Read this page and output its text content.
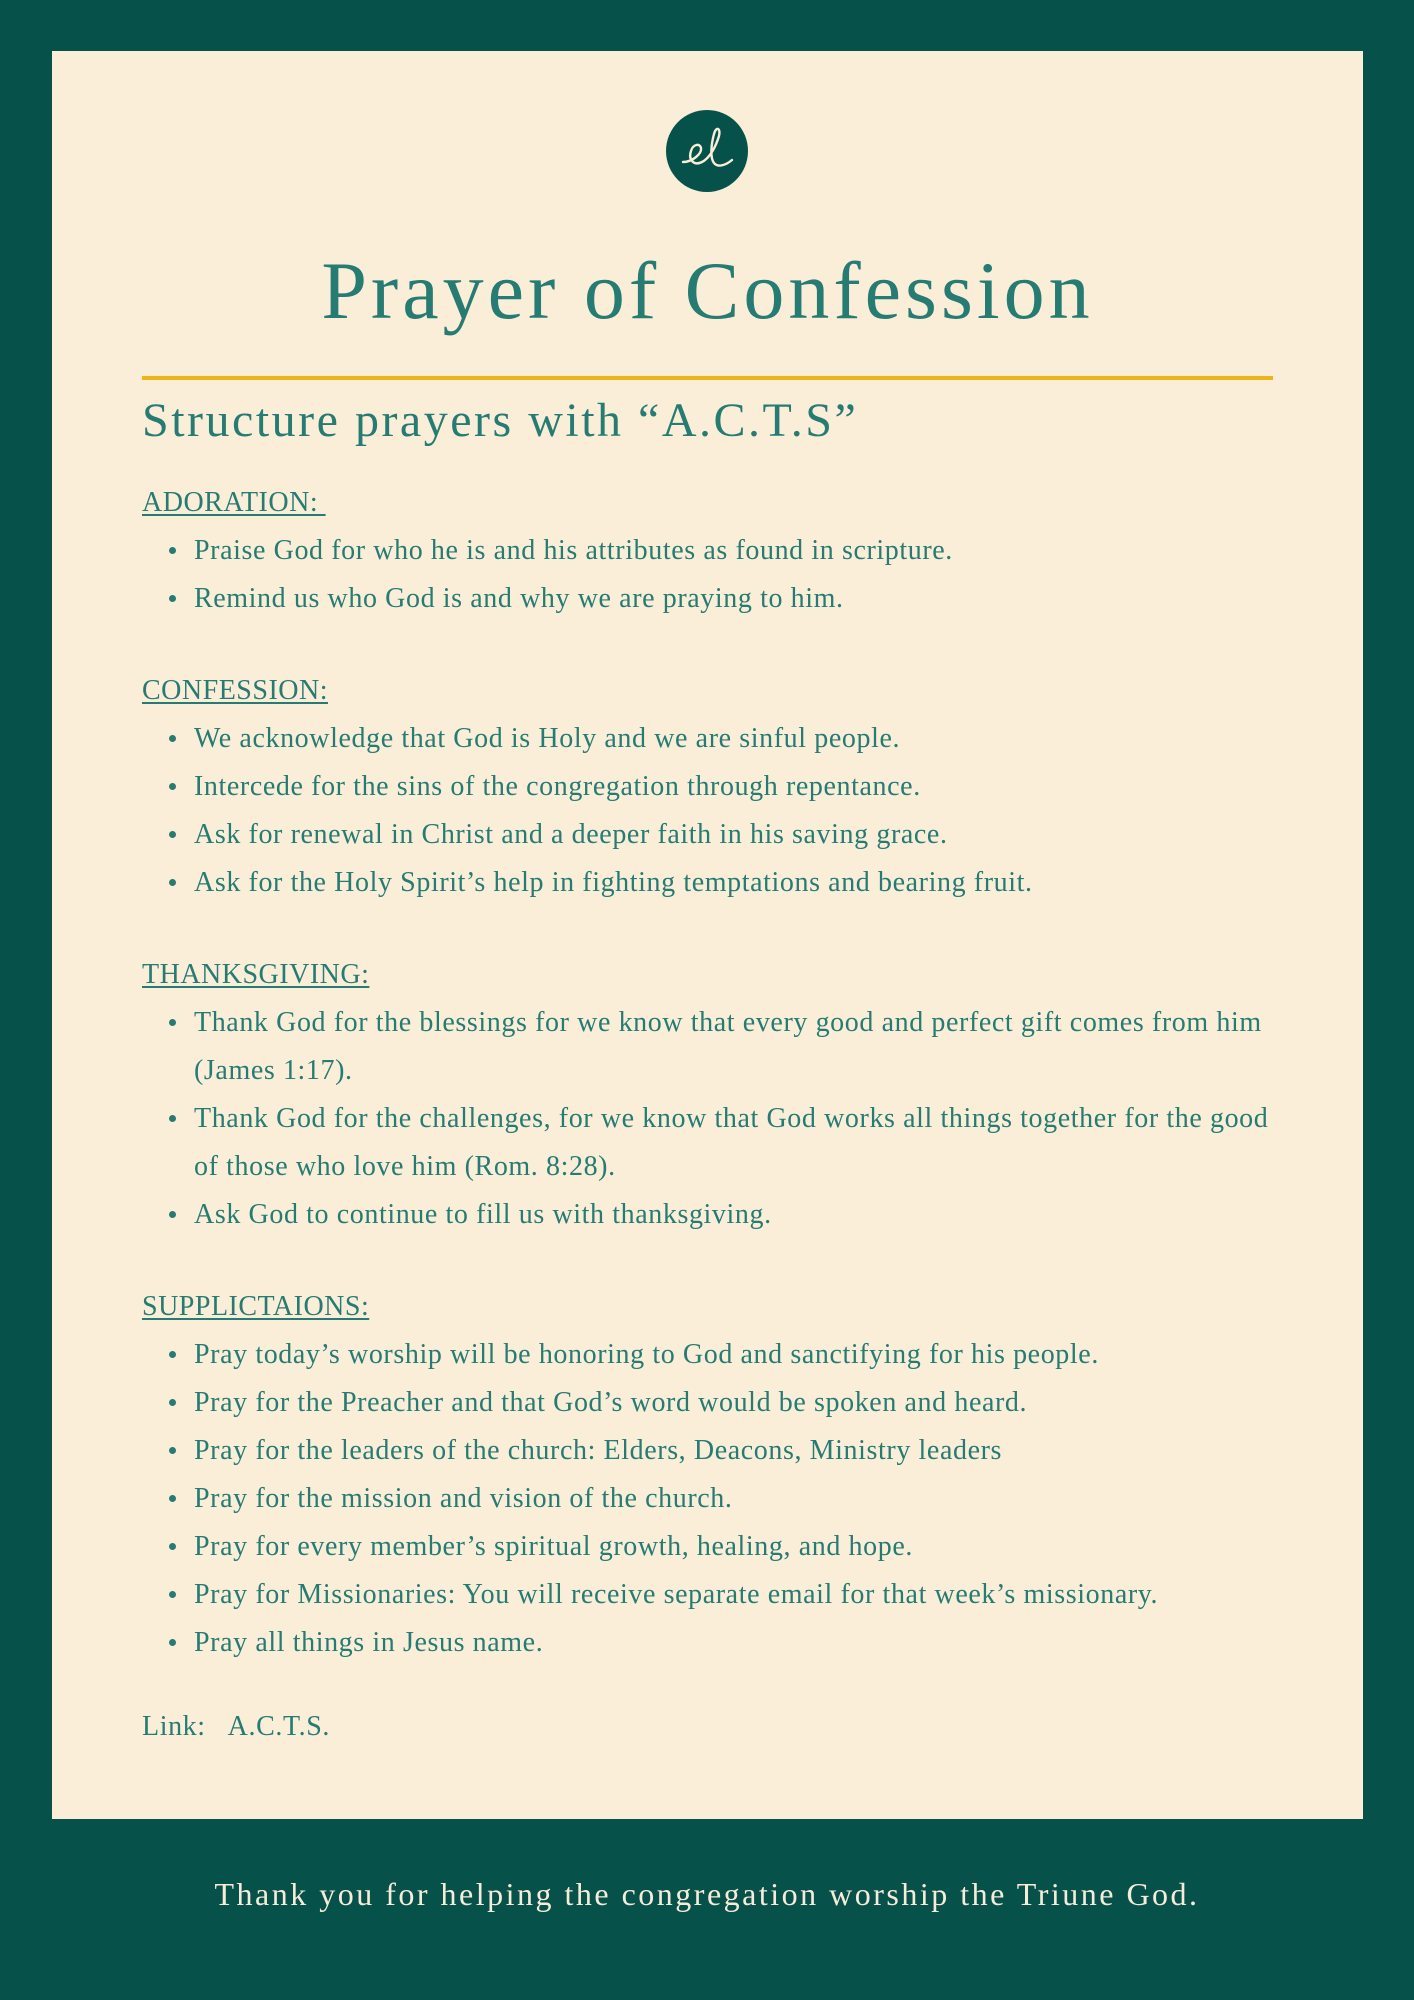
Prayer of Confession
Structure prayers with “A.C.T.S”
ADORATION:
Praise God for who he is and his attributes as found in scripture.
Remind us who God is and why we are praying to him.
CONFESSION:
We acknowledge that God is Holy and we are sinful people.
Intercede for the sins of the congregation through repentance.
Ask for renewal in Christ and a deeper faith in his saving grace.
Ask for the Holy Spirit’s help in fighting temptations and bearing fruit.
THANKSGIVING:
Thank God for the blessings for we know that every good and perfect gift comes from him (James 1:17).
Thank God for the challenges, for we know that God works all things together for the good of those who love him (Rom. 8:28).
Ask God to continue to fill us with thanksgiving.
SUPPLICTAIONS:
Pray today’s worship will be honoring to God and sanctifying for his people.
Pray for the Preacher and that God’s word would be spoken and heard.
Pray for the leaders of the church: Elders, Deacons, Ministry leaders
Pray for the mission and vision of the church.
Pray for every member’s spiritual growth, healing, and hope.
Pray for Missionaries: You will receive separate email for that week’s missionary.
Pray all things in Jesus name.
Link: A.C.T.S.

Thank you for helping the congregation worship the Triune God.
